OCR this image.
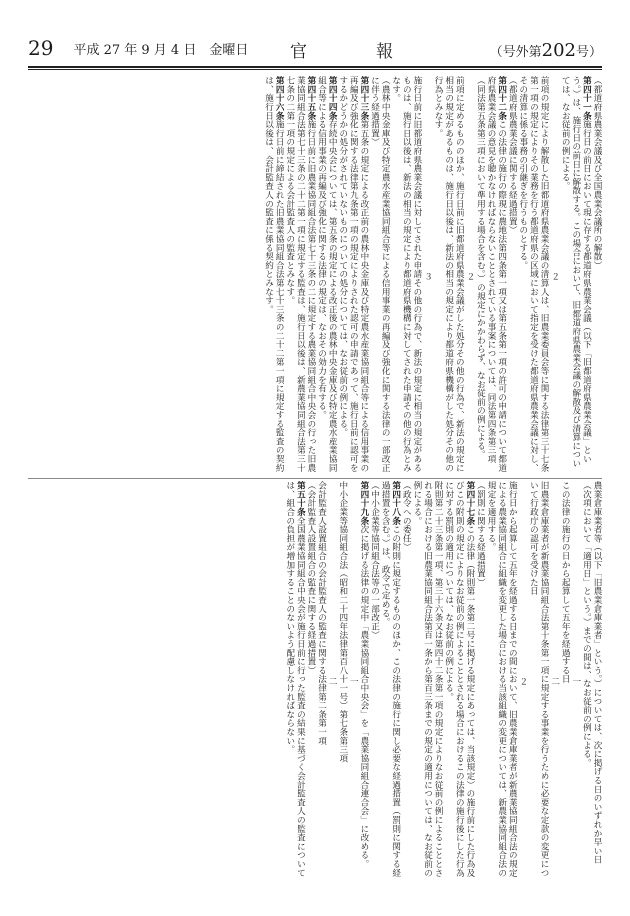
29 平成 27 年 9 月 4 日　金曜日 官　報	（号外第202号）

（都道府県農業会議及び全国農業会議所の解散）

第四十一条施行日の前日において現に存する都道府県農業会議（以下「旧都道府県農業会議」という。）は、施行日の前日に解散する。この場合において、旧都道府県農業会議の解散及び清算については、なお従前の例による。

２

前項の規定により解散した旧都道府県農業会議の清算人は、旧農業委員会等に関する法律第三十七条第一項の規定によりその業務を行う都道府県の区域において指定を受けた都道府県農業会議に対し、その清算に係る事務の引継ぎを行うものとする。

（都道府県農業会議に関する経過措置）

第四十二条この法律の施行の際現に農地法第四条第一項又は第五条第一項の許可の申請について都道府県農業会議の意見を聴かなければならないこととされている事案については、同法第四条第三項（同法第五条第三項において準用する場合を含む。）の規定にかかわらず、なお従前の例による。

２

前項に定めるもののほか、施行日前に旧都道府県農業会議がした処分その他の行為で、新法の規定に相当の規定があるものは、施行日以後は、新法の相当の規定により都道府県機構がした処分その他の行為とみなす。

３

施行日前に旧都道府県農業会議に対してされた申請その他の行為で、新法の規定に相当の規定があるものは、施行日以後は、新法の相当の規定により都道府県機構に対してされた申請その他の行為とみなす。

（農林中央金庫及び特定農水産業協同組合等による信用事業の再編及び強化に関する法律の一部改正に伴う経過措置）

第四十三条第五条の規定による改正前の農林中央金庫及び特定農水産業協同組合等による信用事業の再編及び強化に関する法律第九条第一項の規定によりされた認可の申請であって、施行日前に認可をするかどうかの処分がされていないものについての処分については、なお従前の例による。

第四十四条存続中央会については、第五条の規定による改正後の農林中央金庫及び特定農水産業協同組合等による信用事業の再編及び強化に関する法律の規定は、なおその効力を有する。

第四十五条施行日前に旧農業協同組合法第七十三条の二に規定する農業協同組合中央会の行った旧農業協同組合法第七十三条の二十二第一項に規定する監査は、施行日以後は、新農業協同組合法第三十七条の二第一項の規定による会計監査人の監査とみなす。

第四十六条施行日前に締結された旧農業協同組合法第七十三条の二十二第一項に規定する監査の契約は、施行日以後は、会計監査人の監査に係る契約とみなす。

農業倉庫業者等（以下「旧農業倉庫業者」という。）については、次に掲げる日のいずれか早い日（次項において「適用日」という。）までの間は、なお従前の例による。

一

この法律の施行の日から起算して五年を経過する日

二

旧農業倉庫業者が新農業協同組合法第十条第一項に規定する事業を行うために必要な定款の変更について行政庁の認可を受けた日

２

施行日から起算して五年を経過する日までの間において、旧農業倉庫業者が新農業協同組合法の規定による農業協同組合に組織を変更した場合における当該組織の変更については、新農業協同組合法の規定を適用する。

（罰則に関する経過措置）

第四十七条この法律（附則第一条第二号に掲げる規定にあっては、当該規定）の施行前にした行為及びこの附則の規定によりなお従前の例によることとされる場合におけるこの法律の施行後にした行為に対する罰則の適用については、なお従前の例による。

附則第二十三条第一項、第三十六条又は第四十二条第一項の規定によりなお従前の例によることとされる場合における旧農業協同組合法第百一条から第百三条までの規定の適用については、なお従前の例による。

（政令への委任）

第四十八条この附則に規定するもののほか、この法律の施行に関し必要な経過措置（罰則に関する経過措置を含む。）は、政令で定める。

（中小企業等協同組合法等の一部改正）

第四十九条次に掲げる法律の規定中「農業協同組合中央会」を「農業協同組合連合会」に改める。

一

中小企業等協同組合法（昭和二十四年法律第百八十一号）第七条第三項

二

会計監査人設置組合の会計監査人の監査に関する法律第二条第一項

（会計監査人設置組合の監査に関する経過措置）

第五十条全国農業協同組合中央会が施行日前に行った監査の結果に基づく会計監査人の監査については、組合の負担が増加することのないよう配慮しなければならない。
